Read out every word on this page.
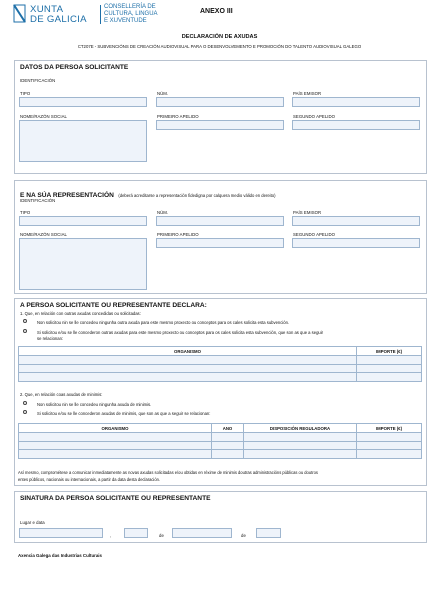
XUNTA
DE GALICIA
CONSELLERÍA DE
CULTURA, LINGUA
E XUVENTUDE
ANEXO III
DECLARACIÓN DE AXUDAS
CT207E - SUBVENCIÓNS DE CREACIÓN AUDIOVISUAL PARA O DESENVOLVEMENTO E PROMOCIÓN DO TALENTO AUDIOVISUAL GALEGO
DATOS DA PERSOA SOLICITANTE
IDENTIFICACIÓN
TIPO	NÚM.	PAÍS EMISOR
NOME/RAZÓN SOCIAL	PRIMEIRO APELIDO	SEGUNDO APELIDO
E NA SÚA REPRESENTACIÓN (deberá acreditarse a representación fidedigna por calquera medio válido en dereito)
IDENTIFICACIÓN
TIPO	NÚM.	PAÍS EMISOR
NOME/RAZÓN SOCIAL	PRIMEIRO APELIDO	SEGUNDO APELIDO
A PERSOA SOLICITANTE OU REPRESENTANTE DECLARA:
1. Que, en relación con outras axudas concedidas ou solicitadas:
Non solicitou nin se lle concedeu ningunha outra axuda para este mesmo proxecto ou conceptos para os cales solicita esta subvención.
Si solicitou e/ou se lle concederon outras axudas para este mesmo proxecto ou conceptos para os cales solicita esta subvención, que son as que a seguir
se relacionan:
ORGANISMO	IMPORTE (€)

2. Que, en relación coas axudas de minimis:
Non solicitou nin se lle concedeu ningunha axuda de minimis.
Si solicitou e/ou se lle concederon axudas de minimis, que son as que a seguir se relacionan:
ORGANISMO	ANO	DISPOSICIÓN REGULADORA	IMPORTE (€)

Así mesmo, comprométese a comunicar inmediatamente as novas axudas solicitadas e/ou obtidas en réxime de minimis doutras administracións públicas ou doutros
entes públicos, nacionais ou internacionais, a partir da data desta declaración.
SINATURA DA PERSOA SOLICITANTE OU REPRESENTANTE
Lugar e data
,	de	de
Axencia Galega das Industrias Culturais
